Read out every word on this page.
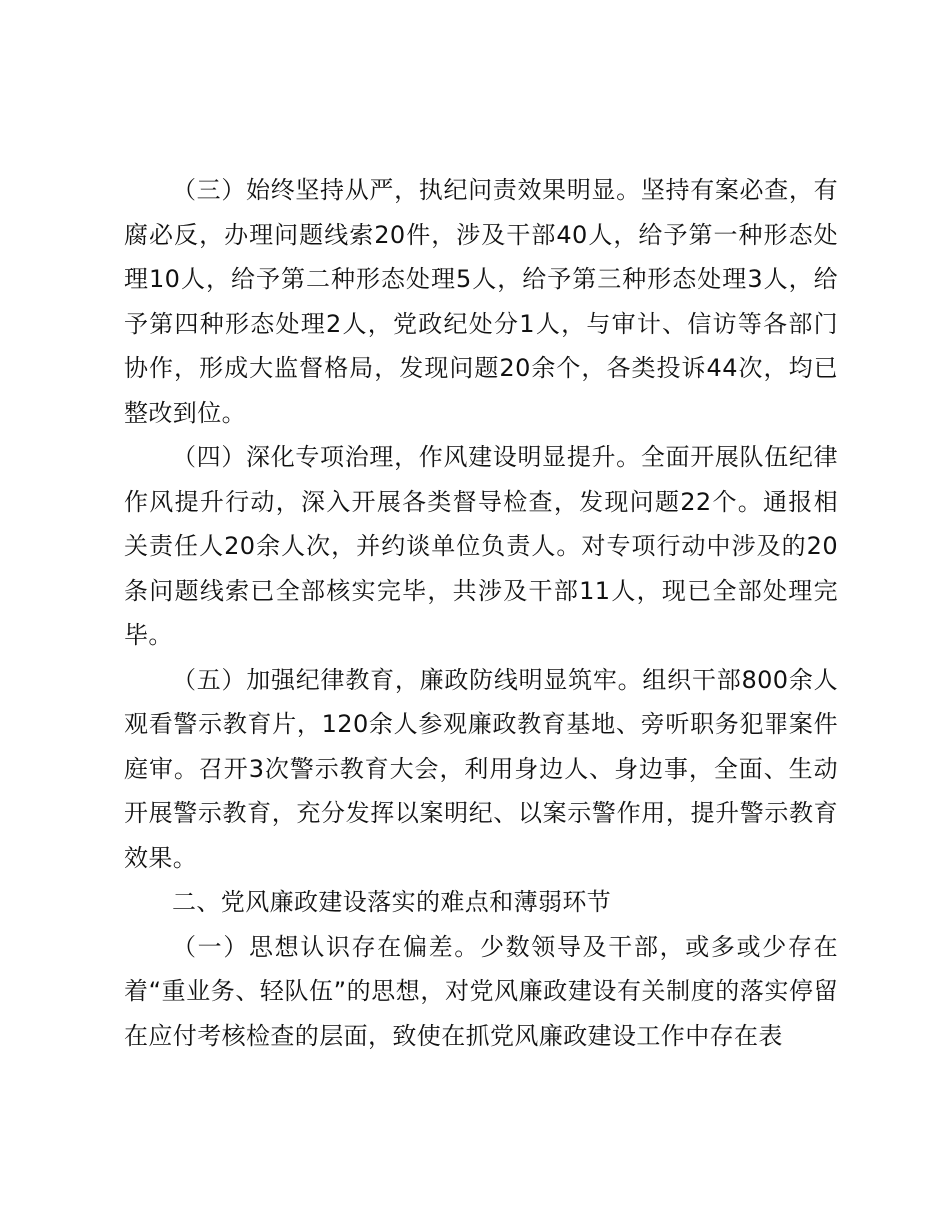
（三）始终坚持从严，执纪问责效果明显。坚持有案必查，有腐必反，办理问题线索20件，涉及干部40人，给予第一种形态处理10人，给予第二种形态处理5人，给予第三种形态处理3人，给予第四种形态处理2人，党政纪处分1人，与审计、信访等各部门协作，形成大监督格局，发现问题20余个，各类投诉44次，均已整改到位。

（四）深化专项治理，作风建设明显提升。全面开展队伍纪律作风提升行动，深入开展各类督导检查，发现问题22个。通报相关责任人20余人次，并约谈单位负责人。对专项行动中涉及的20条问题线索已全部核实完毕，共涉及干部11人，现已全部处理完毕。

（五）加强纪律教育，廉政防线明显筑牢。组织干部800余人观看警示教育片，120余人参观廉政教育基地、旁听职务犯罪案件庭审。召开3次警示教育大会，利用身边人、身边事，全面、生动开展警示教育，充分发挥以案明纪、以案示警作用，提升警示教育效果。

二、党风廉政建设落实的难点和薄弱环节

（一）思想认识存在偏差。少数领导及干部，或多或少存在着“重业务、轻队伍”的思想，对党风廉政建设有关制度的落实停留在应付考核检查的层面，致使在抓党风廉政建设工作中存在表
